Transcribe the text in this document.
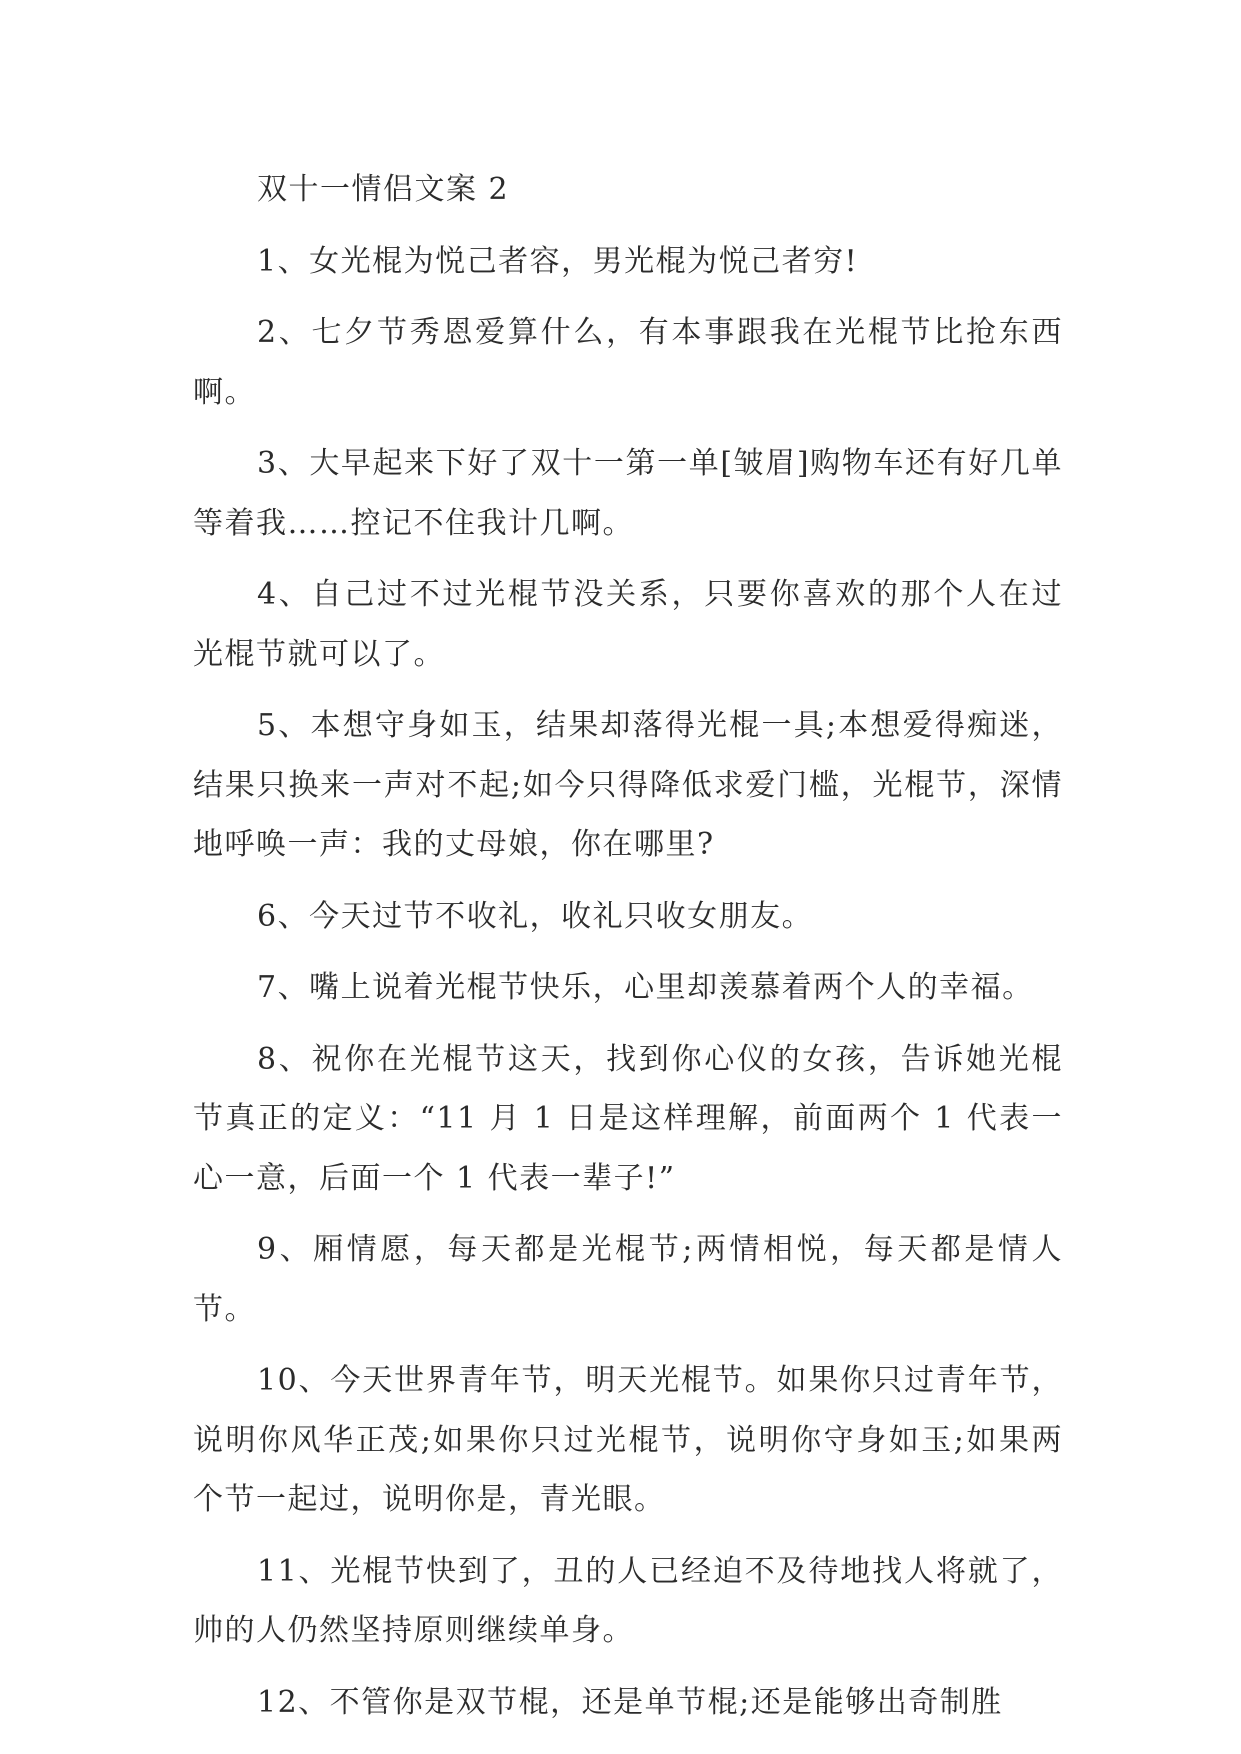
双十一情侣文案 2

1、女光棍为悦己者容，男光棍为悦己者穷!

2、七夕节秀恩爱算什么，有本事跟我在光棍节比抢东西啊。

3、大早起来下好了双十一第一单[皱眉]购物车还有好几单等着我……控记不住我计几啊。

4、自己过不过光棍节没关系，只要你喜欢的那个人在过光棍节就可以了。

5、本想守身如玉，结果却落得光棍一具;本想爱得痴迷，结果只换来一声对不起;如今只得降低求爱门槛，光棍节，深情地呼唤一声：我的丈母娘，你在哪里?

6、今天过节不收礼，收礼只收女朋友。

7、嘴上说着光棍节快乐，心里却羡慕着两个人的幸福。

8、祝你在光棍节这天，找到你心仪的女孩，告诉她光棍节真正的定义：“11 月 1 日是这样理解，前面两个 1 代表一心一意，后面一个 1 代表一辈子!”

9、厢情愿，每天都是光棍节;两情相悦，每天都是情人节。

10、今天世界青年节，明天光棍节。如果你只过青年节，说明你风华正茂;如果你只过光棍节，说明你守身如玉;如果两个节一起过，说明你是，青光眼。

11、光棍节快到了，丑的人已经迫不及待地找人将就了，帅的人仍然坚持原则继续单身。

12、不管你是双节棍，还是单节棍;还是能够出奇制胜
